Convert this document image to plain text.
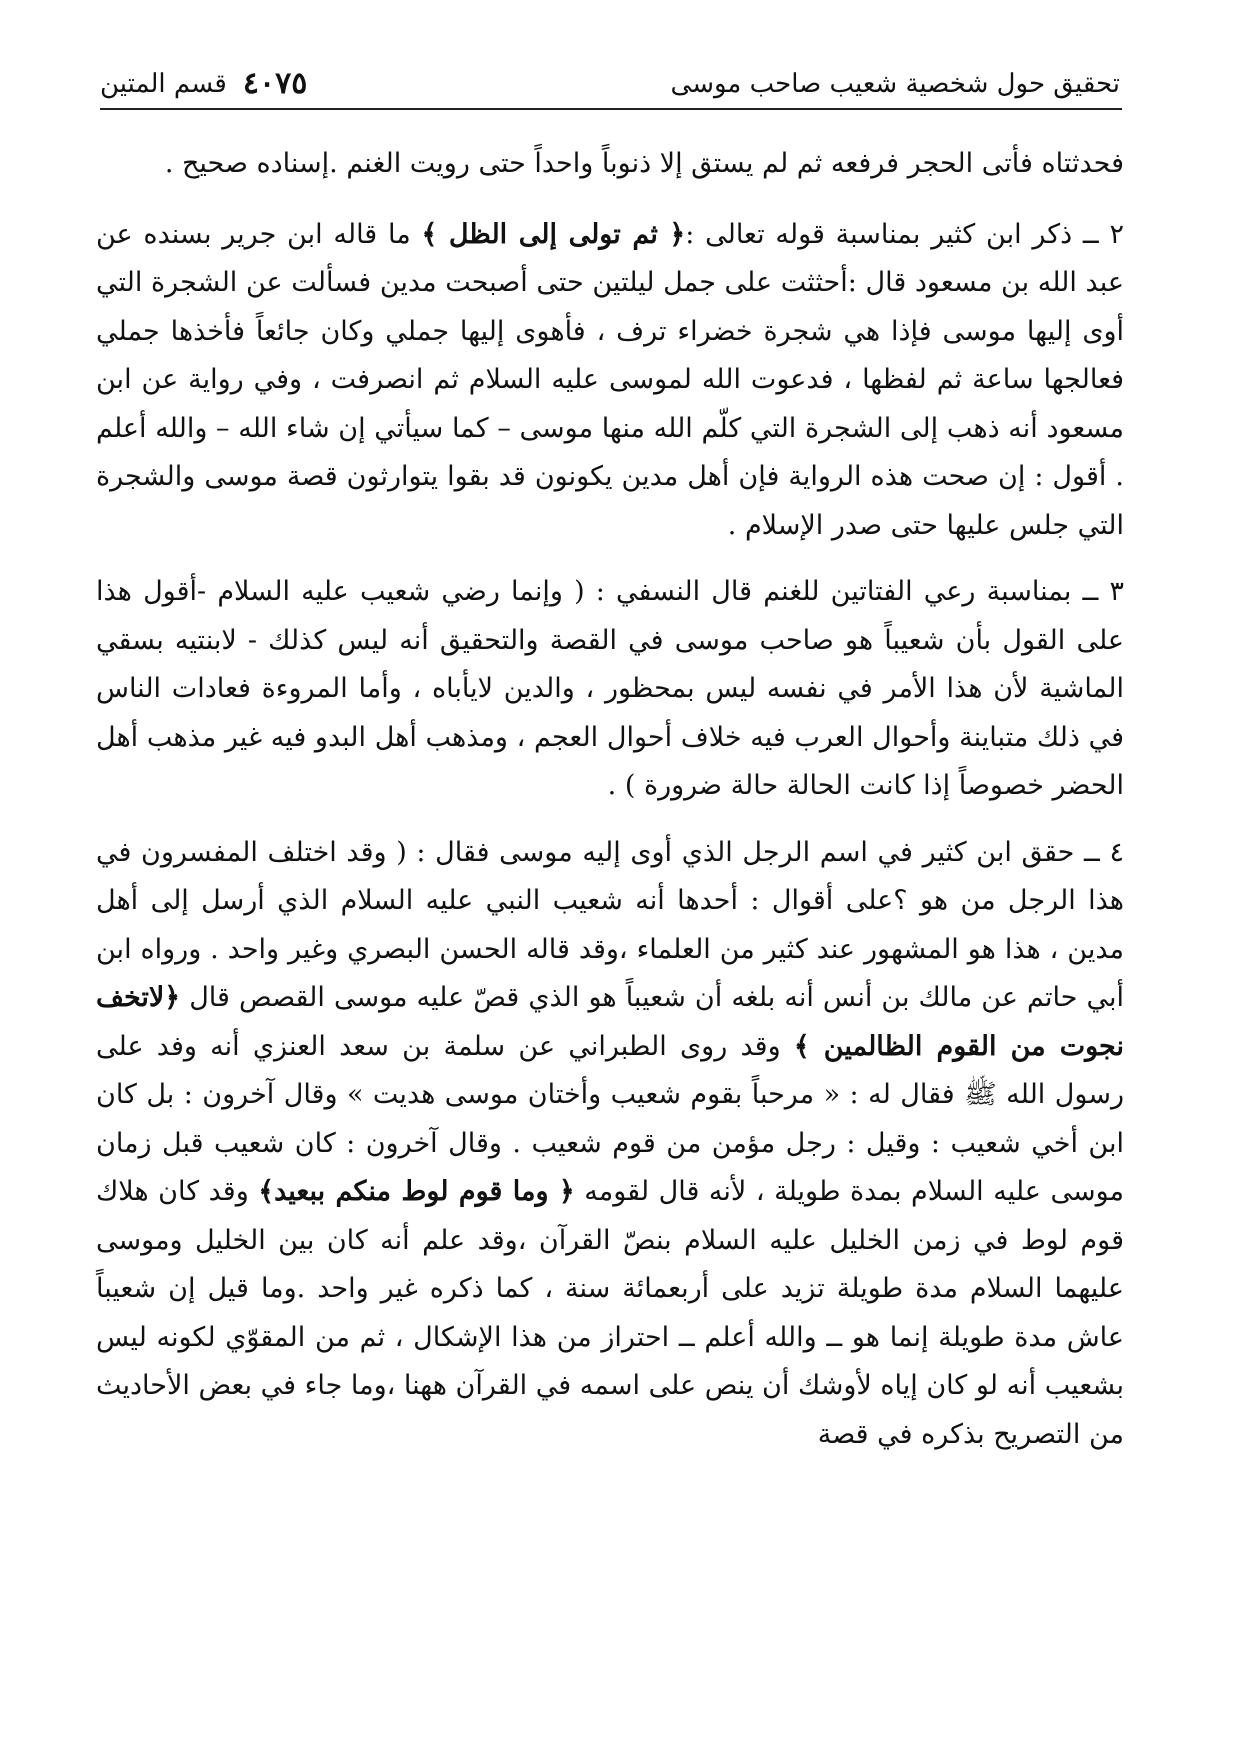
تحقيق حول شخصية شعيب صاحب موسى
٤٠٧٥
قسم المتين

فحدثتاه فأتى الحجر فرفعه ثم لم يستق إلا ذنوباً واحداً حتى رويت الغنم .إسناده صحيح .

٢ ــ ذكر ابن كثير بمناسبة قوله تعالى :﴿ ثم تولى إلى الظل ﴾ ما قاله ابن جرير بسنده عن عبد الله بن مسعود قال :أحثثت على جمل ليلتين حتى أصبحت مدين فسألت عن الشجرة التي أوى إليها موسى فإذا هي شجرة خضراء ترف ، فأهوى إليها جملي وكان جائعاً فأخذها جملي فعالجها ساعة ثم لفظها ، فدعوت الله لموسى عليه السلام ثم انصرفت ، وفي رواية عن ابن مسعود أنه ذهب إلى الشجرة التي كلّم الله منها موسى – كما سيأتي إن شاء الله – والله أعلم . أقول : إن صحت هذه الرواية فإن أهل مدين يكونون قد بقوا يتوارثون قصة موسى والشجرة التي جلس عليها حتى صدر الإسلام .

٣ ــ بمناسبة رعي الفتاتين للغنم قال النسفي : ( وإنما رضي شعيب عليه السلام -أقول هذا على القول بأن شعيباً هو صاحب موسى في القصة والتحقيق أنه ليس كذلك - لابنتيه بسقي الماشية لأن هذا الأمر في نفسه ليس بمحظور ، والدين لايأباه ، وأما المروءة فعادات الناس في ذلك متباينة وأحوال العرب فيه خلاف أحوال العجم ، ومذهب أهل البدو فيه غير مذهب أهل الحضر خصوصاً إذا كانت الحالة حالة ضرورة ) .

٤ ــ حقق ابن كثير في اسم الرجل الذي أوى إليه موسى فقال : ( وقد اختلف المفسرون في هذا الرجل من هو ؟على أقوال : أحدها أنه شعيب النبي عليه السلام الذي أرسل إلى أهل مدين ، هذا هو المشهور عند كثير من العلماء ،وقد قاله الحسن البصري وغير واحد . ورواه ابن أبي حاتم عن مالك بن أنس أنه بلغه أن شعيباً هو الذي قصّ عليه موسى القصص قال ﴿لاتخف نجوت من القوم الظالمين ﴾ وقد روى الطبراني عن سلمة بن سعد العنزي أنه وفد على رسول الله ﷺ فقال له : « مرحباً بقوم شعيب وأختان موسى هديت » وقال آخرون : بل كان ابن أخي شعيب : وقيل : رجل مؤمن من قوم شعيب . وقال آخرون : كان شعيب قبل زمان موسى عليه السلام بمدة طويلة ، لأنه قال لقومه ﴿ وما قوم لوط منكم ببعيد﴾ وقد كان هلاك قوم لوط في زمن الخليل عليه السلام بنصّ القرآن ،وقد علم أنه كان بين الخليل وموسى عليهما السلام مدة طويلة تزيد على أربعمائة سنة ، كما ذكره غير واحد .وما قيل إن شعيباً عاش مدة طويلة إنما هو ــ والله أعلم ــ احتراز من هذا الإشكال ، ثم من المقوّي لكونه ليس بشعيب أنه لو كان إياه لأوشك أن ينص على اسمه في القرآن ههنا ،وما جاء في بعض الأحاديث من التصريح بذكره في قصة
